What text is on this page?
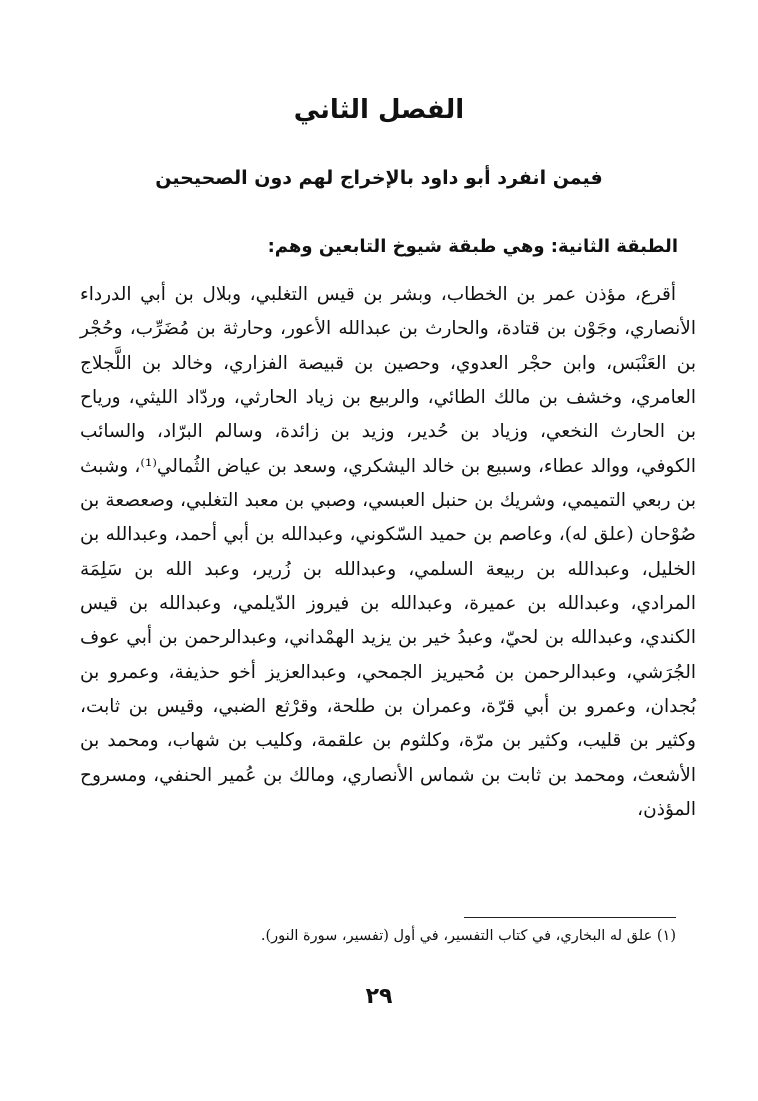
الفصل الثاني
فيمن انفرد أبو داود بالإخراج لهم دون الصحيحين
الطبقة الثانية: وهي طبقة شيوخ التابعين وهم:

أقرع، مؤذن عمر بن الخطاب، وبشر بن قيس التغلبي، وبلال بن أبي الدرداء الأنصاري، وجَوْن بن قتادة، والحارث بن عبدالله الأعور، وحارثة بن مُضَرِّب، وحُجْر بن العَنْبَس، وابن حجْر العدوي، وحصين بن قبيصة الفزاري، وخالد بن اللَّجلاج العامري، وخشف بن مالك الطائي، والربيع بن زياد الحارثي، وردّاد الليثي، ورياح بن الحارث النخعي، وزياد بن حُدير، وزيد بن زائدة، وسالم البرّاد، والسائب الكوفي، ووالد عطاء، وسبيع بن خالد اليشكري، وسعد بن عياض الثُمالي⁽¹⁾، وشبث بن ربعي التميمي، وشريك بن حنبل العبسي، وصبي بن معبد التغلبي، وصعصعة بن صُوْحان (علق له)، وعاصم بن حميد السّكوني، وعبدالله بن أبي أحمد، وعبدالله بن الخليل، وعبدالله بن ربيعة السلمي، وعبدالله بن زُرير، وعبد الله بن سَلِمَة المرادي، وعبدالله بن عميرة، وعبدالله بن فيروز الدّيلمي، وعبدالله بن قيس الكندي، وعبدالله بن لحيّ، وعبدُ خير بن يزيد الهمْداني، وعبدالرحمن بن أبي عوف الجُرَشي، وعبدالرحمن بن مُحيريز الجمحي، وعبدالعزيز أخو حذيفة، وعمرو بن بُجدان، وعمرو بن أبي قرّة، وعمران بن طلحة، وقرْثع الضبي، وقيس بن ثابت، وكثير بن قليب، وكثير بن مرّة، وكلثوم بن علقمة، وكليب بن شهاب، ومحمد بن الأشعث، ومحمد بن ثابت بن شماس الأنصاري، ومالك بن عُمير الحنفي، ومسروح المؤذن،

(١) علق له البخاري، في كتاب التفسير، في أول (تفسير، سورة النور).

٢٩
